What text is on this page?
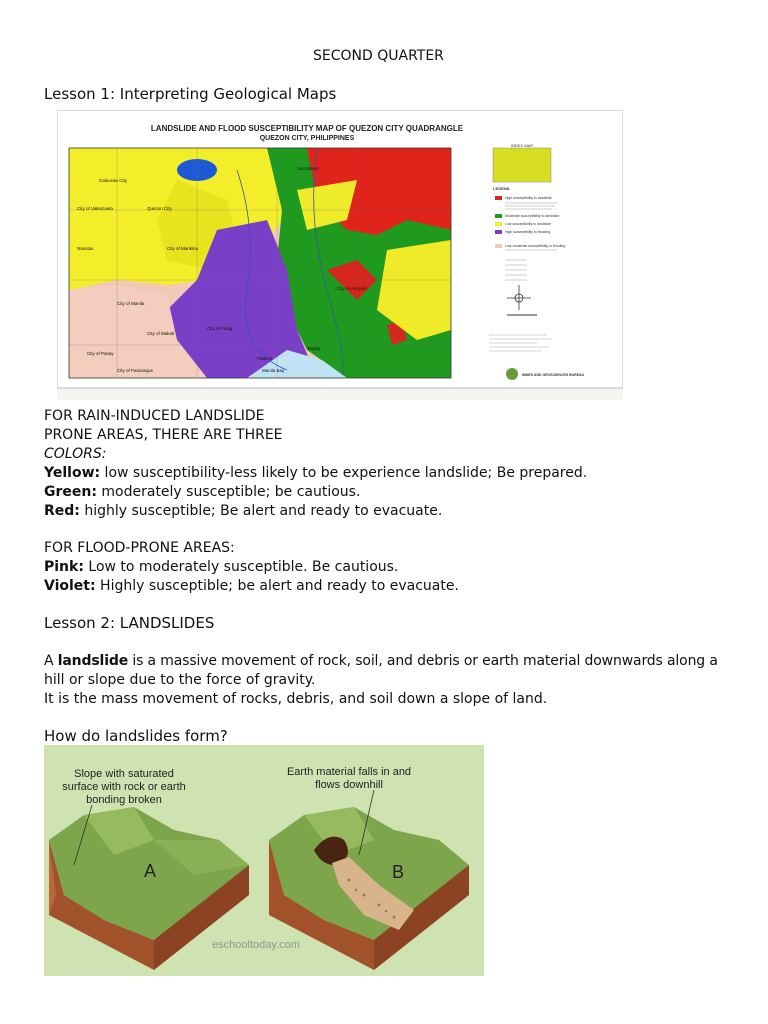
SECOND QUARTER
Lesson 1: Interpreting Geological Maps
LANDSLIDE AND FLOOD SUSCEPTIBILITY MAP OF QUEZON CITY QUADRANGLE
QUEZON CITY, PHILIPPINES
Caloocan City
City of Valenzuela	Quezon City
City of Marikina
San Mateo
City of Manila
City of Pasig
City of Antipolo
Taytay
Pateros
City of Pasay
City of Paranaque
City of Makati
Navotas
Manila Bay
INDEX MAP
LEGEND
High susceptibility to landslide
Moderate susceptibility to landslide
Low susceptibility to landslide
High susceptibility to flooding
Low-moderate susceptibility to flooding
MINES AND GEOSCIENCES BUREAU
FOR RAIN-INDUCED LANDSLIDE
PRONE AREAS, THERE ARE THREE
COLORS:
Yellow: low susceptibility-less likely to be experience landslide; Be prepared.
Green: moderately susceptible; be cautious.
Red: highly susceptible; Be alert and ready to evacuate.
FOR FLOOD-PRONE AREAS:
Pink: Low to moderately susceptible. Be cautious.
Violet: Highly susceptible; be alert and ready to evacuate.
Lesson 2: LANDSLIDES
A landslide is a massive movement of rock, soil, and debris or earth material downwards along a
hill or slope due to the force of gravity.
It is the mass movement of rocks, debris, and soil down a slope of land.
How do landslides form?
Slope with saturated
surface with rock or earth
bonding broken
Earth material falls in and
flows downhill
A	B
eschooltoday.com
